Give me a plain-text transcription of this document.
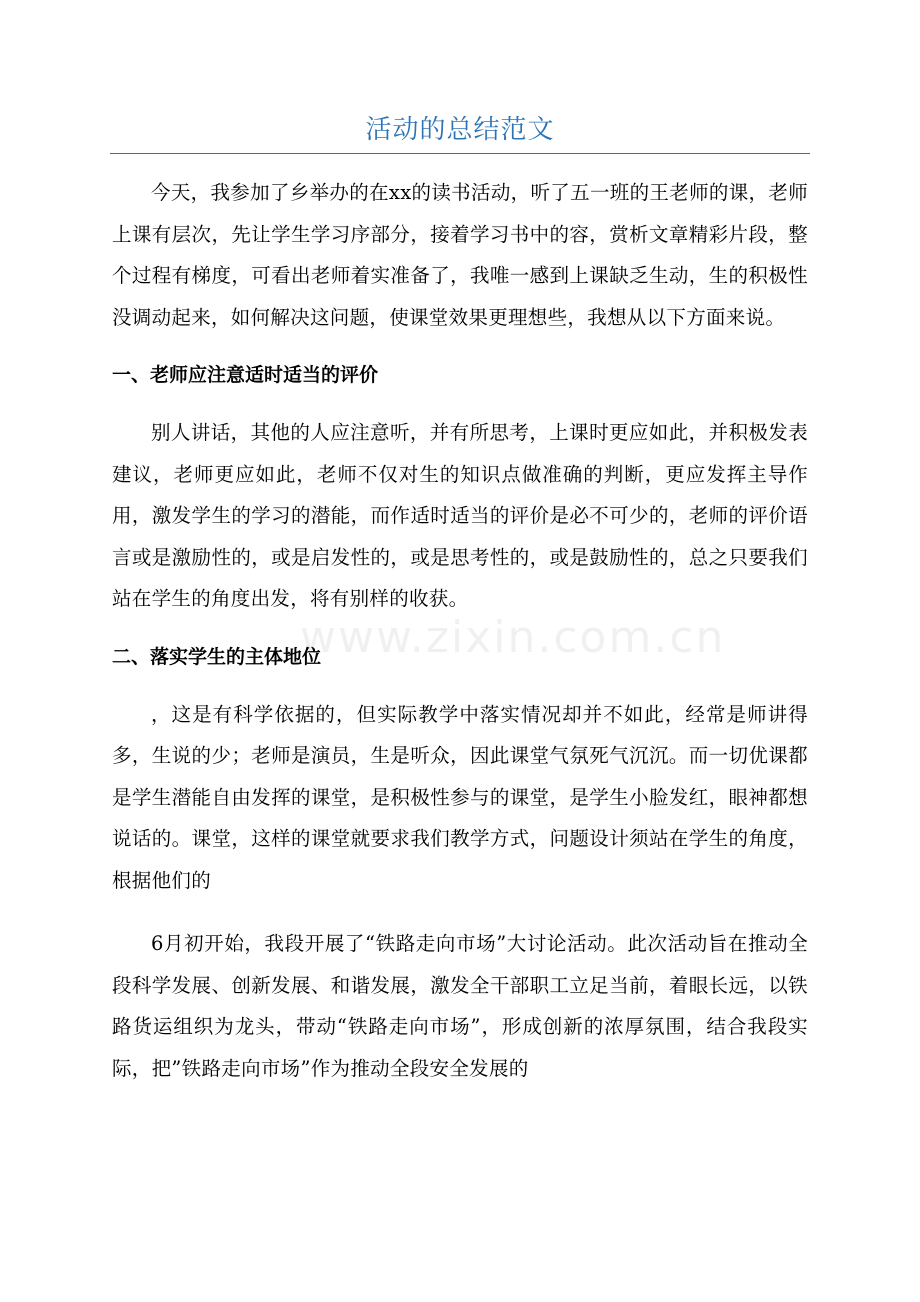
活动的总结范文

今天，我参加了乡举办的在xx的读书活动，听了五一班的王老师的课，老师上课有层次，先让学生学习序部分，接着学习书中的容，赏析文章精彩片段，整个过程有梯度，可看出老师着实准备了，我唯一感到上课缺乏生动，生的积极性没调动起来，如何解决这问题，使课堂效果更理想些，我想从以下方面来说。

一、老师应注意适时适当的评价

别人讲话，其他的人应注意听，并有所思考，上课时更应如此，并积极发表建议，老师更应如此，老师不仅对生的知识点做准确的判断，更应发挥主导作用，激发学生的学习的潜能，而作适时适当的评价是必不可少的，老师的评价语言或是激励性的，或是启发性的，或是思考性的，或是鼓励性的，总之只要我们站在学生的角度出发，将有别样的收获。

二、落实学生的主体地位

，这是有科学依据的，但实际教学中落实情况却并不如此，经常是师讲得多，生说的少；老师是演员，生是听众，因此课堂气氛死气沉沉。而一切优课都是学生潜能自由发挥的课堂，是积极性参与的课堂，是学生小脸发红，眼神都想说话的。课堂，这样的课堂就要求我们教学方式，问题设计须站在学生的角度，根据他们的

6月初开始，我段开展了“铁路走向市场”大讨论活动。此次活动旨在推动全段科学发展、创新发展、和谐发展，激发全干部职工立足当前，着眼长远，以铁路货运组织为龙头，带动“铁路走向市场”，形成创新的浓厚氛围，结合我段实际，把”铁路走向市场”作为推动全段安全发展的

www.zixin.com.cn
